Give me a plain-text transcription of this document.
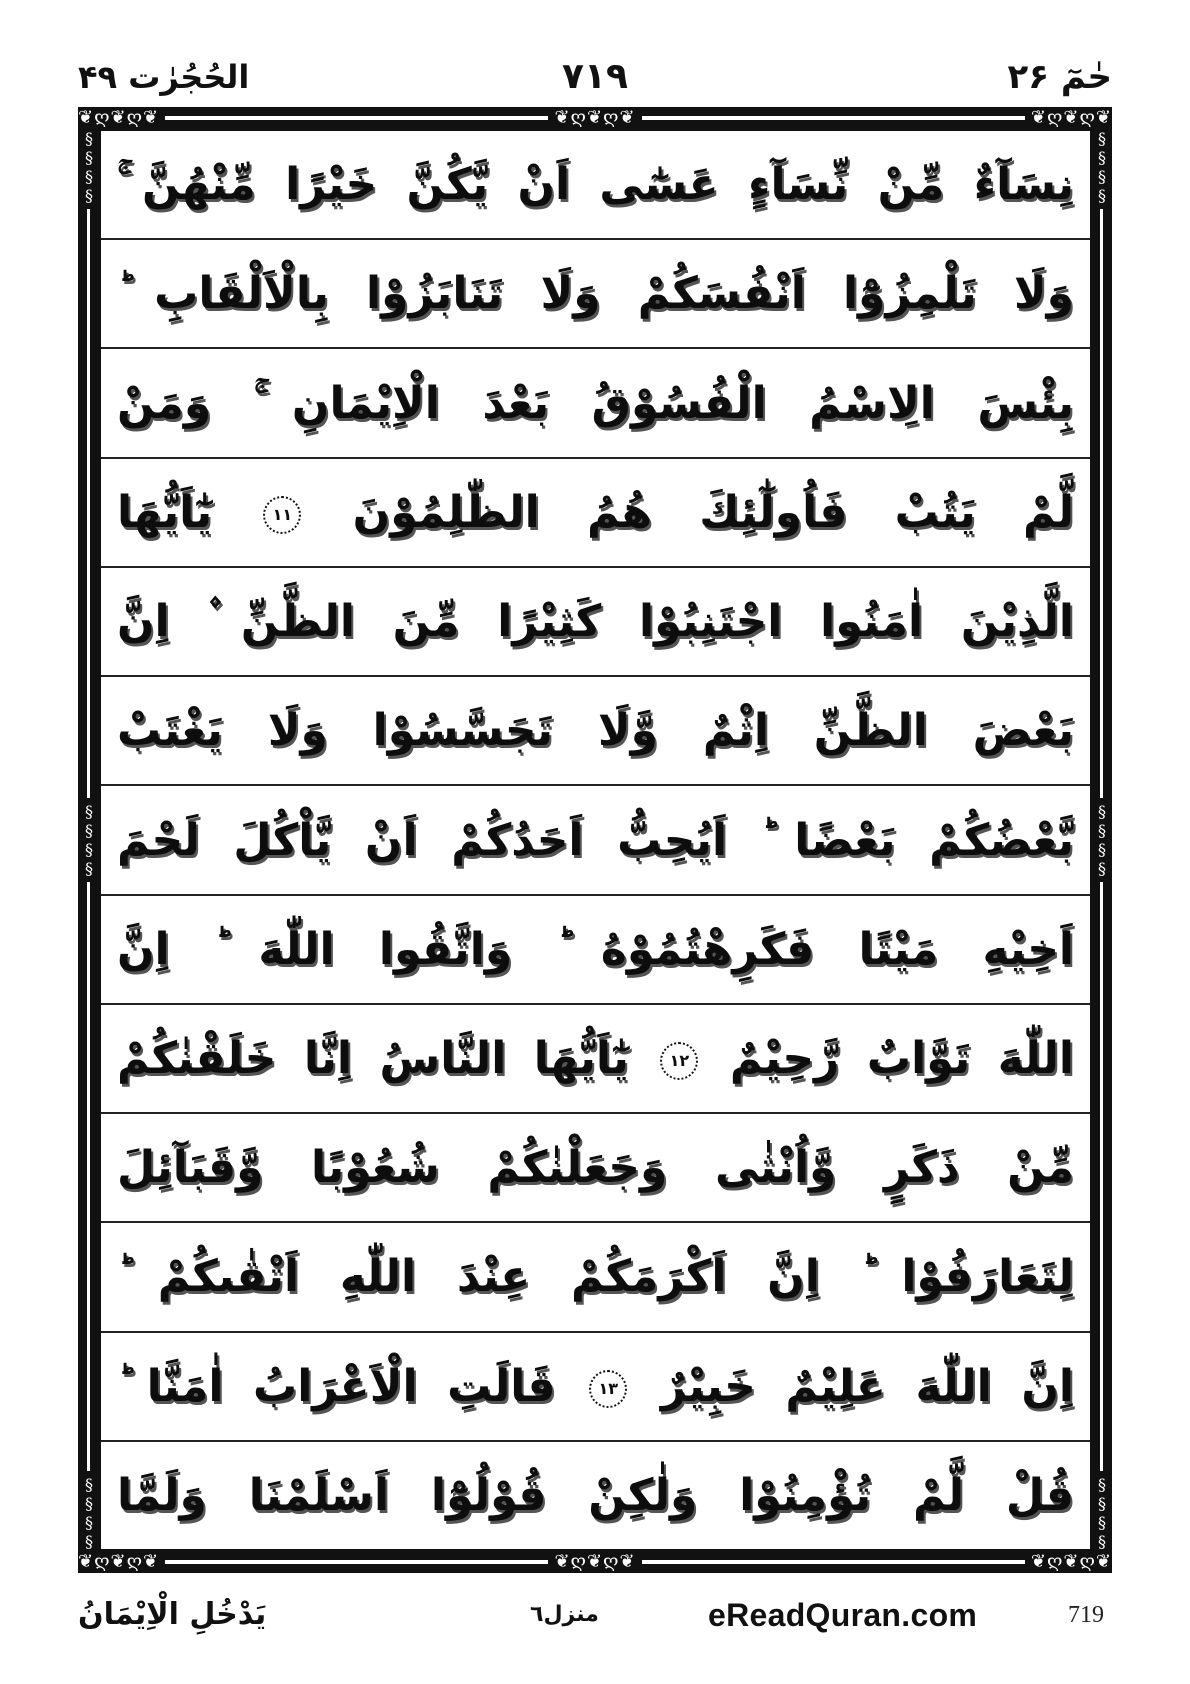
حٰمٓ ۲۶
۷۱۹
الحُجُرٰت ۴۹
❦ღ❦ღ❦	❦ღ❦ღ❦	❦ღ❦ღ❦
§§§§
§§§§
§§§§
§§§§
§§§§
§§§§
❦ღ❦ღ❦	❦ღ❦ღ❦	❦ღ❦ღ❦
نِسَآءٌ مِّنْ نِّسَآءٍ عَسٰٓى اَنْ يَّكُنَّ خَيْرًا مِّنْهُنَّ ۚ
وَلَا تَلْمِزُوْٓا اَنْفُسَكُمْ وَلَا تَنَابَزُوْا بِالْاَلْقَابِ ؕ
بِئْسَ الِاسْمُ الْفُسُوْقُ بَعْدَ الْاِيْمَانِ ۚ وَمَنْ
لَّمْ يَتُبْ فَاُولٰٓئِكَ هُمُ الظّٰلِمُوْنَ ١١ يٰٓاَيُّهَا
الَّذِيْنَ اٰمَنُوا اجْتَنِبُوْا كَثِيْرًا مِّنَ الظَّنِّ ۫ اِنَّ
بَعْضَ الظَّنِّ اِثْمٌ وَّلَا تَجَسَّسُوْا وَلَا يَغْتَبْ
بَّعْضُكُمْ بَعْضًا ؕ اَيُحِبُّ اَحَدُكُمْ اَنْ يَّاْكُلَ لَحْمَ
اَخِيْهِ مَيْتًا فَكَرِهْتُمُوْهُ ؕ وَاتَّقُوا اللّٰهَ ؕ اِنَّ
اللّٰهَ تَوَّابٌ رَّحِيْمٌ ١٢ يٰٓاَيُّهَا النَّاسُ اِنَّا خَلَقْنٰكُمْ
مِّنْ ذَكَرٍ وَّاُنْثٰى وَجَعَلْنٰكُمْ شُعُوْبًا وَّقَبَآئِلَ
لِتَعَارَفُوْا ؕ اِنَّ اَكْرَمَكُمْ عِنْدَ اللّٰهِ اَتْقٰىكُمْ ؕ
اِنَّ اللّٰهَ عَلِيْمٌ خَبِيْرٌ ١٣ قَالَتِ الْاَعْرَابُ اٰمَنَّا ؕ
قُلْ لَّمْ تُؤْمِنُوْا وَلٰكِنْ قُوْلُوْٓا اَسْلَمْنَا وَلَمَّا
يَدْخُلِ الْاِيْمَانُ	منزل٦	eReadQuran.com	719
